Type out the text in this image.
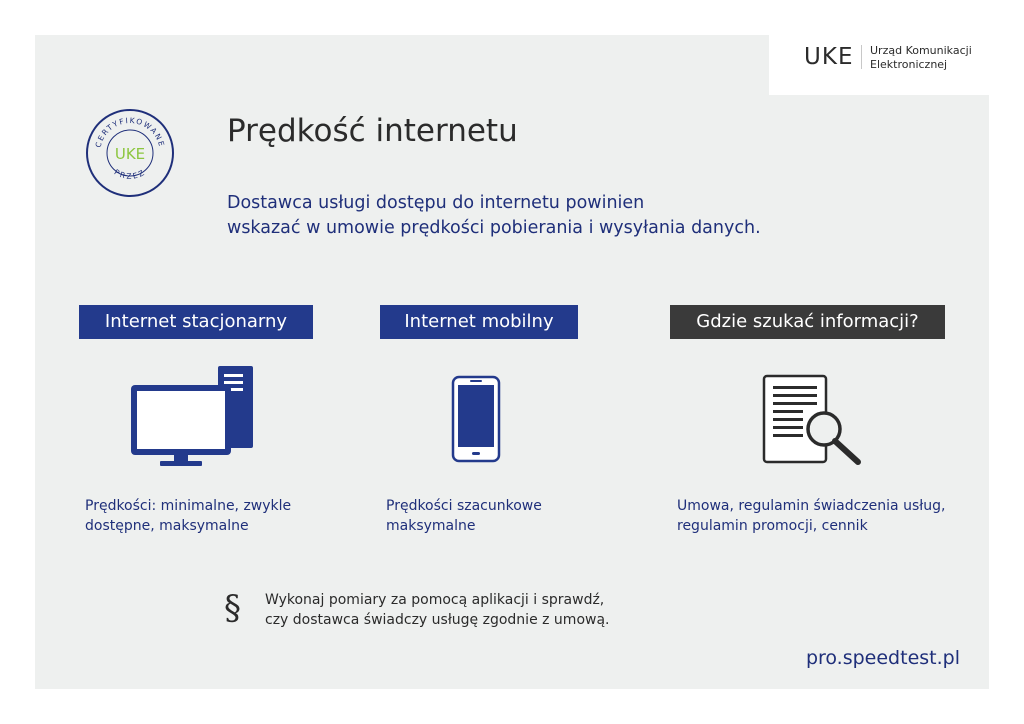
UKE Urząd Komunikacji
Elektronicznej
CERTYFIKOWANE
PRZEZ
UKE
Prędkość internetu
Dostawca usługi dostępu do internetu powinien
wskazać w umowie prędkości pobierania i wysyłania danych.
Internet stacjonarny	Internet mobilny	Gdzie szukać informacji?
Prędkości: minimalne, zwykle
dostępne, maksymalne
Prędkości szacunkowe
maksymalne
Umowa, regulamin świadczenia usług,
regulamin promocji, cennik
§ Wykonaj pomiary za pomocą aplikacji i sprawdź,
czy dostawca świadczy usługę zgodnie z umową.
pro.speedtest.pl
